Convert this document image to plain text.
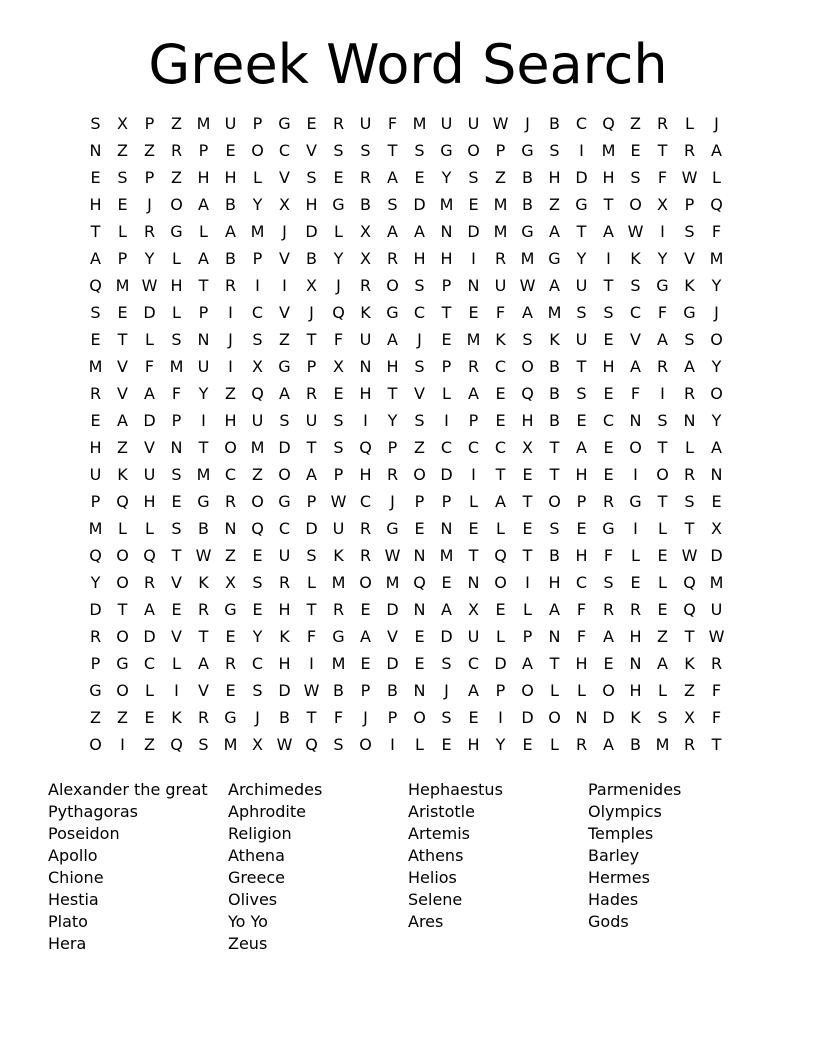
Greek Word Search
S	X	P	Z M U	P G E	R U	F M U U W	J	B C Q Z R	L	J
N Z	Z R	P	E O C V	S	S	T	S G O P G S	I	M E	T	R A
E	S	P	Z H H	L	V	S	E	R A	E	Y	S	Z	B H D H S	F W L
H E	J	O A	B	Y	X H G B	S D M E M B	Z G T O X	P Q
T	L	R G	L	A M	J	D	L	X	A	A N D M G A	T	A W	I	S	F
A	P	Y	L	A	B	P	V	B	Y	X R H H	I	R M G Y	I	K	Y	V M
Q M W H	T	R	I	I	X	J	R O S	P	N U W A U	T	S G K	Y
S	E D	L	P	I	C V	J	Q K G C	T	E	F	A M S	S	C	F	G	J
E	T	L	S N	J	S	Z	T	F	U A	J	E M K	S	K U	E	V	A	S O
M V	F M U	I	X G P	X N H S	P	R C O B	T	H A R A	Y
R V	A	F	Y	Z Q A R	E H	T	V	L	A	E Q B	S	E	F	I	R O
E	A D	P	I	H U	S	U	S	I	Y	S	I	P	E H B	E	C N S N	Y
H Z	V N	T O M D T	S Q P	Z C C C X	T	A	E O T	L	A
U K U	S M C Z O A	P	H R O D	I	T	E	T	H E	I	O R N
P Q H E G R O G P W C	J	P	P	L	A	T O P	R G T	S	E
M L	L	S	B N Q C D U R G E N E	L	E	S	E G	I	L	T	X
Q O Q T W Z	E	U	S	K	R W N M T Q T	B H	F	L	E W D
Y O R V	K	X	S	R	L M O M Q E N O	I	H C	S	E	L	Q M
D T	A	E	R G E H	T	R	E D N A	X	E	L	A	F	R R	E Q U
R O D V	T	E	Y	K	F	G A	V	E D U	L	P	N	F	A H Z	T W
P G C	L	A R C H	I	M E D E	S	C D A	T	H E N A	K	R
G O	L	I	V	E	S D W B	P	B N	J	A	P O	L	L	O H	L	Z	F
Z	Z	E	K	R G	J	B	T	F	J	P O S	E	I	D O N D K	S	X	F
O	I	Z Q S M X W Q S O	I	L	E H	Y	E	L	R A	B M R	T
Alexander the great
Pythagoras
Poseidon
Apollo
Chione
Hestia
Plato
Hera
Archimedes
Aphrodite
Religion
Athena
Greece
Olives
Yo Yo
Zeus
Hephaestus
Aristotle
Artemis
Athens
Helios
Selene
Ares
Parmenides
Olympics
Temples
Barley
Hermes
Hades
Gods
